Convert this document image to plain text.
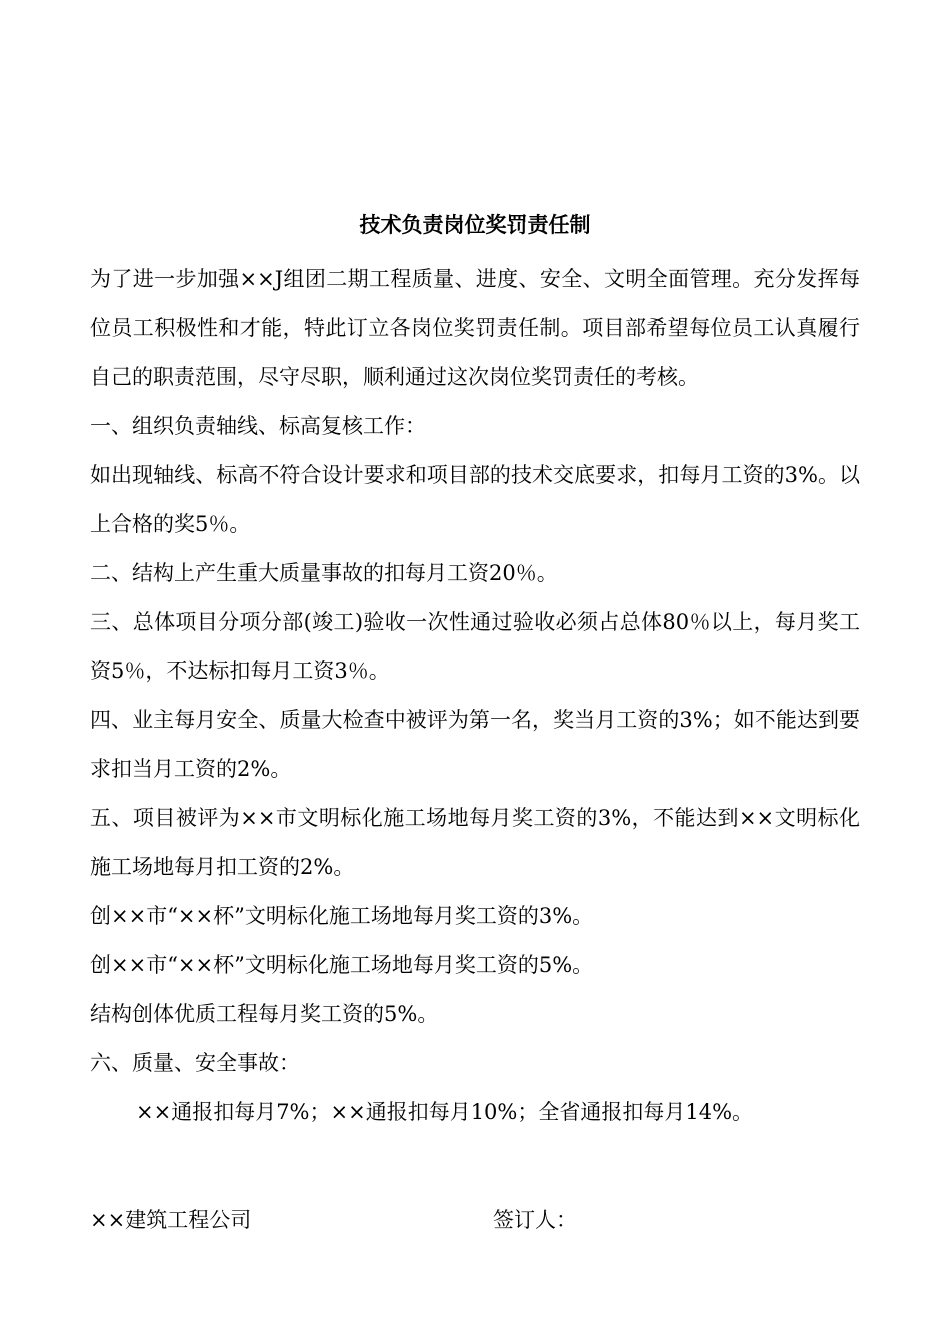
技术负责岗位奖罚责任制

为了进一步加强××J组团二期工程质量、进度、安全、文明全面管理。充分发挥每位员工积极性和才能，特此订立各岗位奖罚责任制。项目部希望每位员工认真履行自己的职责范围，尽守尽职，顺利通过这次岗位奖罚责任的考核。

一、组织负责轴线、标高复核工作：

如出现轴线、标高不符合设计要求和项目部的技术交底要求，扣每月工资的3%。以上合格的奖5％。

二、结构上产生重大质量事故的扣每月工资20％。

三、总体项目分项分部(竣工)验收一次性通过验收必须占总体80％以上，每月奖工资5％，不达标扣每月工资3％。

四、业主每月安全、质量大检查中被评为第一名，奖当月工资的3%；如不能达到要求扣当月工资的2%。

五、项目被评为××市文明标化施工场地每月奖工资的3%，不能达到××文明标化施工场地每月扣工资的2%。

创××市“××杯”文明标化施工场地每月奖工资的3%。

创××市“××杯”文明标化施工场地每月奖工资的5%。

结构创体优质工程每月奖工资的5%。

六、质量、安全事故：

××通报扣每月7%；××通报扣每月10%；全省通报扣每月14%。

××建筑工程公司	签订人：
